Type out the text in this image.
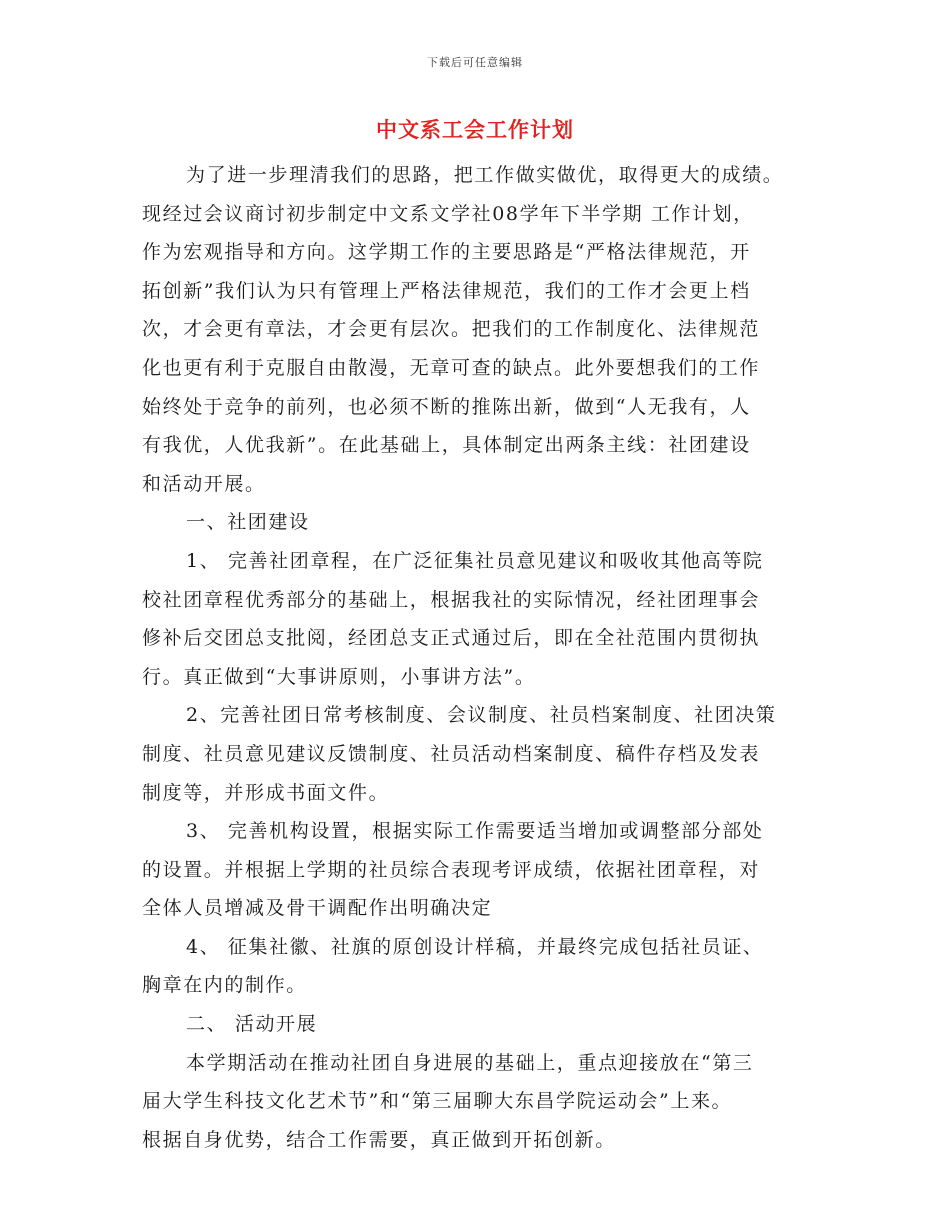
下载后可任意编辑
中文系工会工作计划
为了进一步理清我们的思路，把工作做实做优，取得更大的成绩。
现经过会议商讨初步制定中文系文学社08学年下半学期 工作计划，
作为宏观指导和方向。这学期工作的主要思路是“严格法律规范，开
拓创新”我们认为只有管理上严格法律规范，我们的工作才会更上档
次，才会更有章法，才会更有层次。把我们的工作制度化、法律规范
化也更有利于克服自由散漫，无章可查的缺点。此外要想我们的工作
始终处于竞争的前列，也必须不断的推陈出新，做到“人无我有，人
有我优，人优我新”。在此基础上，具体制定出两条主线：社团建设
和活动开展。
一、社团建设
1、 完善社团章程，在广泛征集社员意见建议和吸收其他高等院
校社团章程优秀部分的基础上，根据我社的实际情况，经社团理事会
修补后交团总支批阅，经团总支正式通过后，即在全社范围内贯彻执
行。真正做到“大事讲原则，小事讲方法”。
2、完善社团日常考核制度、会议制度、社员档案制度、社团决策
制度、社员意见建议反馈制度、社员活动档案制度、稿件存档及发表
制度等，并形成书面文件。
3、 完善机构设置，根据实际工作需要适当增加或调整部分部处
的设置。并根据上学期的社员综合表现考评成绩，依据社团章程，对
全体人员增减及骨干调配作出明确决定
4、 征集社徽、社旗的原创设计样稿，并最终完成包括社员证、
胸章在内的制作。
二、 活动开展
本学期活动在推动社团自身进展的基础上，重点迎接放在“第三
届大学生科技文化艺术节”和“第三届聊大东昌学院运动会”上来。
根据自身优势，结合工作需要，真正做到开拓创新。
